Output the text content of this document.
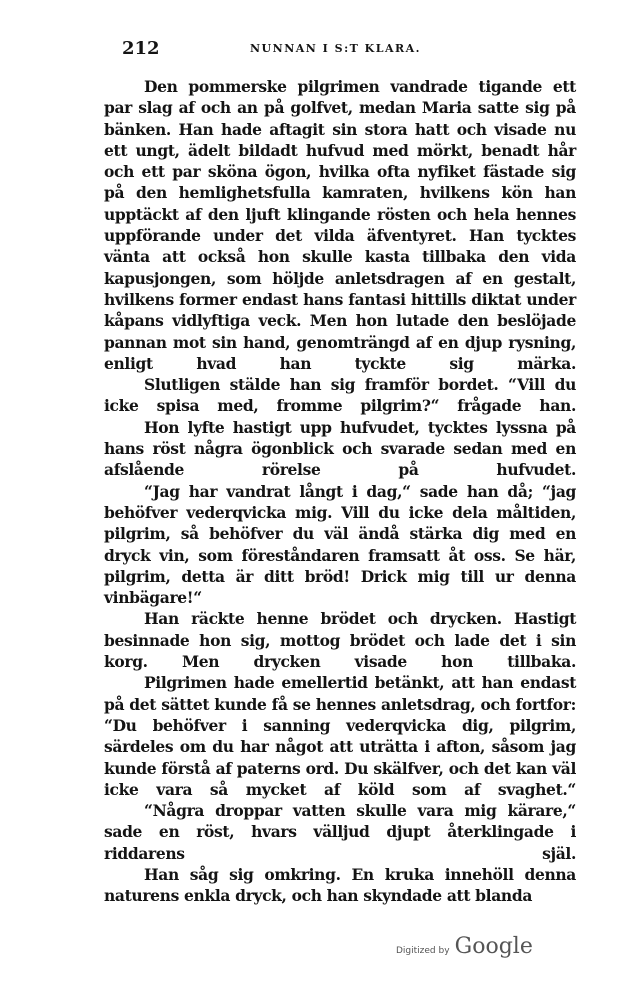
212	NUNNAN I S:T KLARA.

Den pommerske pilgrimen vandrade tigande ett par slag af och an på golfvet, medan Maria satte sig på bänken. Han hade aftagit sin stora hatt och visade nu ett ungt, ädelt bildadt hufvud med mörkt, benadt hår och ett par sköna ögon, hvilka ofta nyfiket fästade sig på den hemlighetsfulla kamraten, hvilkens kön han upptäckt af den ljuft klingande rösten och hela hennes uppförande under det vilda äfventyret. Han tycktes vänta att också hon skulle kasta tillbaka den vida kapusjongen, som höljde anletsdragen af en gestalt, hvilkens former endast hans fantasi hittills diktat under kåpans vidlyftiga veck. Men hon lutade den beslöjade pannan mot sin hand, genomträngd af en djup rysning, enligt hvad han tyckte sig märka.

Slutligen stälde han sig framför bordet. “Vill du icke spisa med, fromme pilgrim?“ frågade han.

Hon lyfte hastigt upp hufvudet, tycktes lyssna på hans röst några ögonblick och svarade sedan med en afslående rörelse på hufvudet.

“Jag har vandrat långt i dag,“ sade han då; “jag behöfver vederqvicka mig. Vill du icke dela måltiden, pilgrim, så behöfver du väl ändå stärka dig med en dryck vin, som föreståndaren framsatt åt oss. Se här, pilgrim, detta är ditt bröd! Drick mig till ur denna vinbägare!“

Han räckte henne brödet och drycken. Hastigt besinnade hon sig, mottog brödet och lade det i sin korg. Men drycken visade hon tillbaka.

Pilgrimen hade emellertid betänkt, att han endast på det sättet kunde få se hennes anletsdrag, och fortfor: “Du behöfver i sanning vederqvicka dig, pilgrim, särdeles om du har något att uträtta i afton, såsom jag kunde förstå af paterns ord. Du skälfver, och det kan väl icke vara så mycket af köld som af svaghet.“

“Några droppar vatten skulle vara mig kärare,“ sade en röst, hvars välljud djupt återklingade i riddarens själ.

Han såg sig omkring. En kruka innehöll denna naturens enkla dryck, och han skyndade att blanda

Digitized by Google
